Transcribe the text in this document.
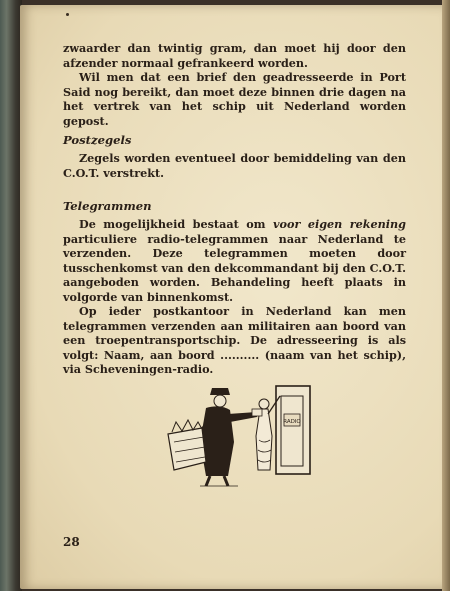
zwaarder dan twintig gram, dan moet hij door den afzender normaal gefrankeerd worden.

Wil men dat een brief den geadresseerde in Port Said nog bereikt, dan moet deze binnen drie dagen na het vertrek van het schip uit Nederland worden gepost.

Postzegels

Zegels worden eventueel door bemiddeling van den C.O.T. verstrekt.

Telegrammen

De mogelijkheid bestaat om voor eigen rekening particuliere radio-telegrammen naar Nederland te verzenden. Deze telegrammen moeten door tusschenkomst van den dekcommandant bij den C.O.T. aangeboden worden. Behandeling heeft plaats in volgorde van binnenkomst.

Op ieder postkantoor in Nederland kan men telegrammen verzenden aan militairen aan boord van een troepentransportschip. De adresseering is als volgt: Naam, aan boord .......... (naam van het schip), via Scheveningen-radio.

RADIO
28
